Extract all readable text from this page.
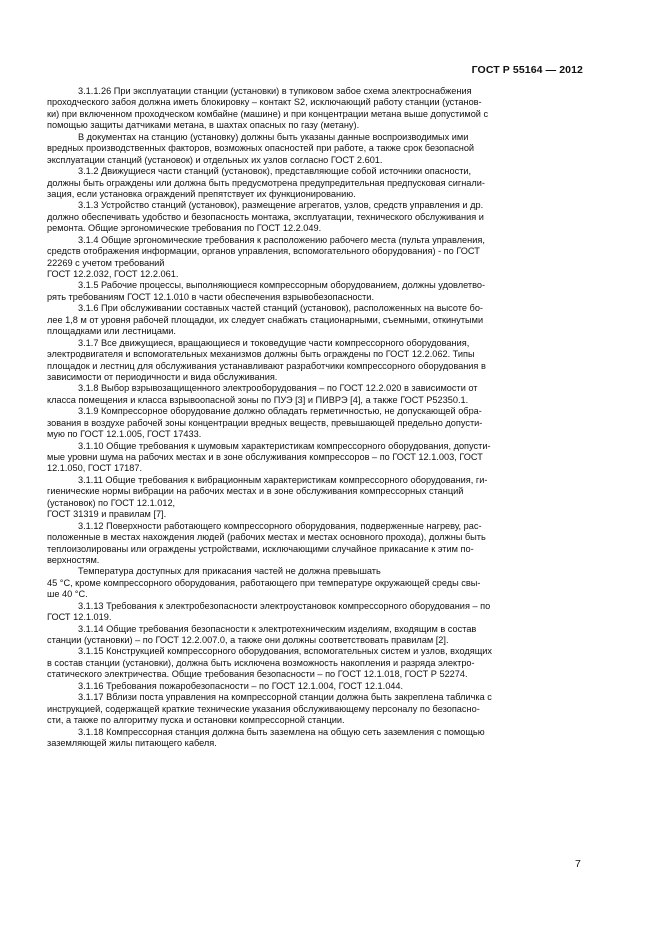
ГОСТ Р 55164 — 2012
3.1.1.26 При эксплуатации станции (установки) в тупиковом забое схема электроснабжения
проходческого забоя должна иметь блокировку – контакт S2, исключающий работу станции (установ-
ки) при включенном проходческом комбайне (машине) и при концентрации метана выше допустимой с
помощью защиты датчиками метана, в шахтах опасных по газу (метану).
В документах на станцию (установку) должны быть указаны данные воспроизводимых ими
вредных производственных факторов, возможных опасностей при работе, а также срок безопасной
эксплуатации станций (установок) и отдельных их узлов согласно ГОСТ 2.601.
3.1.2 Движущиеся части станций (установок), представляющие собой источники опасности,
должны быть ограждены или должна быть предусмотрена предупредительная предпусковая сигнали-
зация, если установка ограждений препятствует их функционированию.
3.1.3 Устройство станций (установок), размещение агрегатов, узлов, средств управления и др.
должно обеспечивать удобство и безопасность монтажа, эксплуатации, технического обслуживания и
ремонта. Общие эргономические требования по ГОСТ 12.2.049.
3.1.4 Общие эргономические требования к расположению рабочего места (пульта управления,
средств отображения информации, органов управления, вспомогательного оборудования) - по ГОСТ
22269 с учетом требований
ГОСТ 12.2.032, ГОСТ 12.2.061.
3.1.5 Рабочие процессы, выполняющиеся компрессорным оборудованием, должны удовлетво-
рять требованиям ГОСТ 12.1.010 в части обеспечения взрывобезопасности.
3.1.6 При обслуживании составных частей станций (установок), расположенных на высоте бо-
лее 1,8 м от уровня рабочей площадки, их следует снабжать стационарными, съемными, откинутыми
площадками или лестницами.
3.1.7 Все движущиеся, вращающиеся и токоведущие части компрессорного оборудования,
электродвигателя и вспомогательных механизмов должны быть ограждены по ГОСТ 12.2.062. Типы
площадок и лестниц для обслуживания устанавливают разработчики компрессорного оборудования в
зависимости от периодичности и вида обслуживания.
3.1.8 Выбор взрывозащищенного электрооборудования – по ГОСТ 12.2.020 в зависимости от
класса помещения и класса взрывоопасной зоны по ПУЭ [3] и ПИВРЭ [4], а также ГОСТ Р52350.1.
3.1.9 Компрессорное оборудование должно обладать герметичностью, не допускающей обра-
зования в воздухе рабочей зоны концентрации вредных веществ, превышающей предельно допусти-
мую по ГОСТ 12.1.005, ГОСТ 17433.
3.1.10 Общие требования к шумовым характеристикам компрессорного оборудования, допусти-
мые уровни шума на рабочих местах и в зоне обслуживания компрессоров – по ГОСТ 12.1.003, ГОСТ
12.1.050, ГОСТ 17187.
3.1.11 Общие требования к вибрационным характеристикам компрессорного оборудования, ги-
гиенические нормы вибрации на рабочих местах и в зоне обслуживания компрессорных станций
(установок) по ГОСТ 12.1.012,
ГОСТ 31319 и правилам [7].
3.1.12 Поверхности работающего компрессорного оборудования, подверженные нагреву, рас-
положенные в местах нахождения людей (рабочих местах и местах основного прохода), должны быть
теплоизолированы или ограждены устройствами, исключающими случайное прикасание к этим по-
верхностям.
Температура доступных для прикасания частей не должна превышать
45 °С, кроме компрессорного оборудования, работающего при температуре окружающей среды свы-
ше 40 °С.
3.1.13 Требования к электробезопасности электроустановок компрессорного оборудования – по
ГОСТ 12.1.019.
3.1.14 Общие требования безопасности к электротехническим изделиям, входящим в состав
станции (установки) – по ГОСТ 12.2.007.0, а также они должны соответствовать правилам [2].
3.1.15 Конструкцией компрессорного оборудования, вспомогательных систем и узлов, входящих
в состав станции (установки), должна быть исключена возможность накопления и разряда электро-
статического электричества. Общие требования безопасности – по ГОСТ 12.1.018, ГОСТ Р 52274.
3.1.16 Требования пожаробезопасности – по ГОСТ 12.1.004, ГОСТ 12.1.044.
3.1.17 Вблизи поста управления на компрессорной станции должна быть закреплена табличка с
инструкцией, содержащей краткие технические указания обслуживающему персоналу по безопасно-
сти, а также по алгоритму пуска и остановки компрессорной станции.
3.1.18 Компрессорная станция должна быть заземлена на общую сеть заземления с помощью
заземляющей жилы питающего кабеля.
7
